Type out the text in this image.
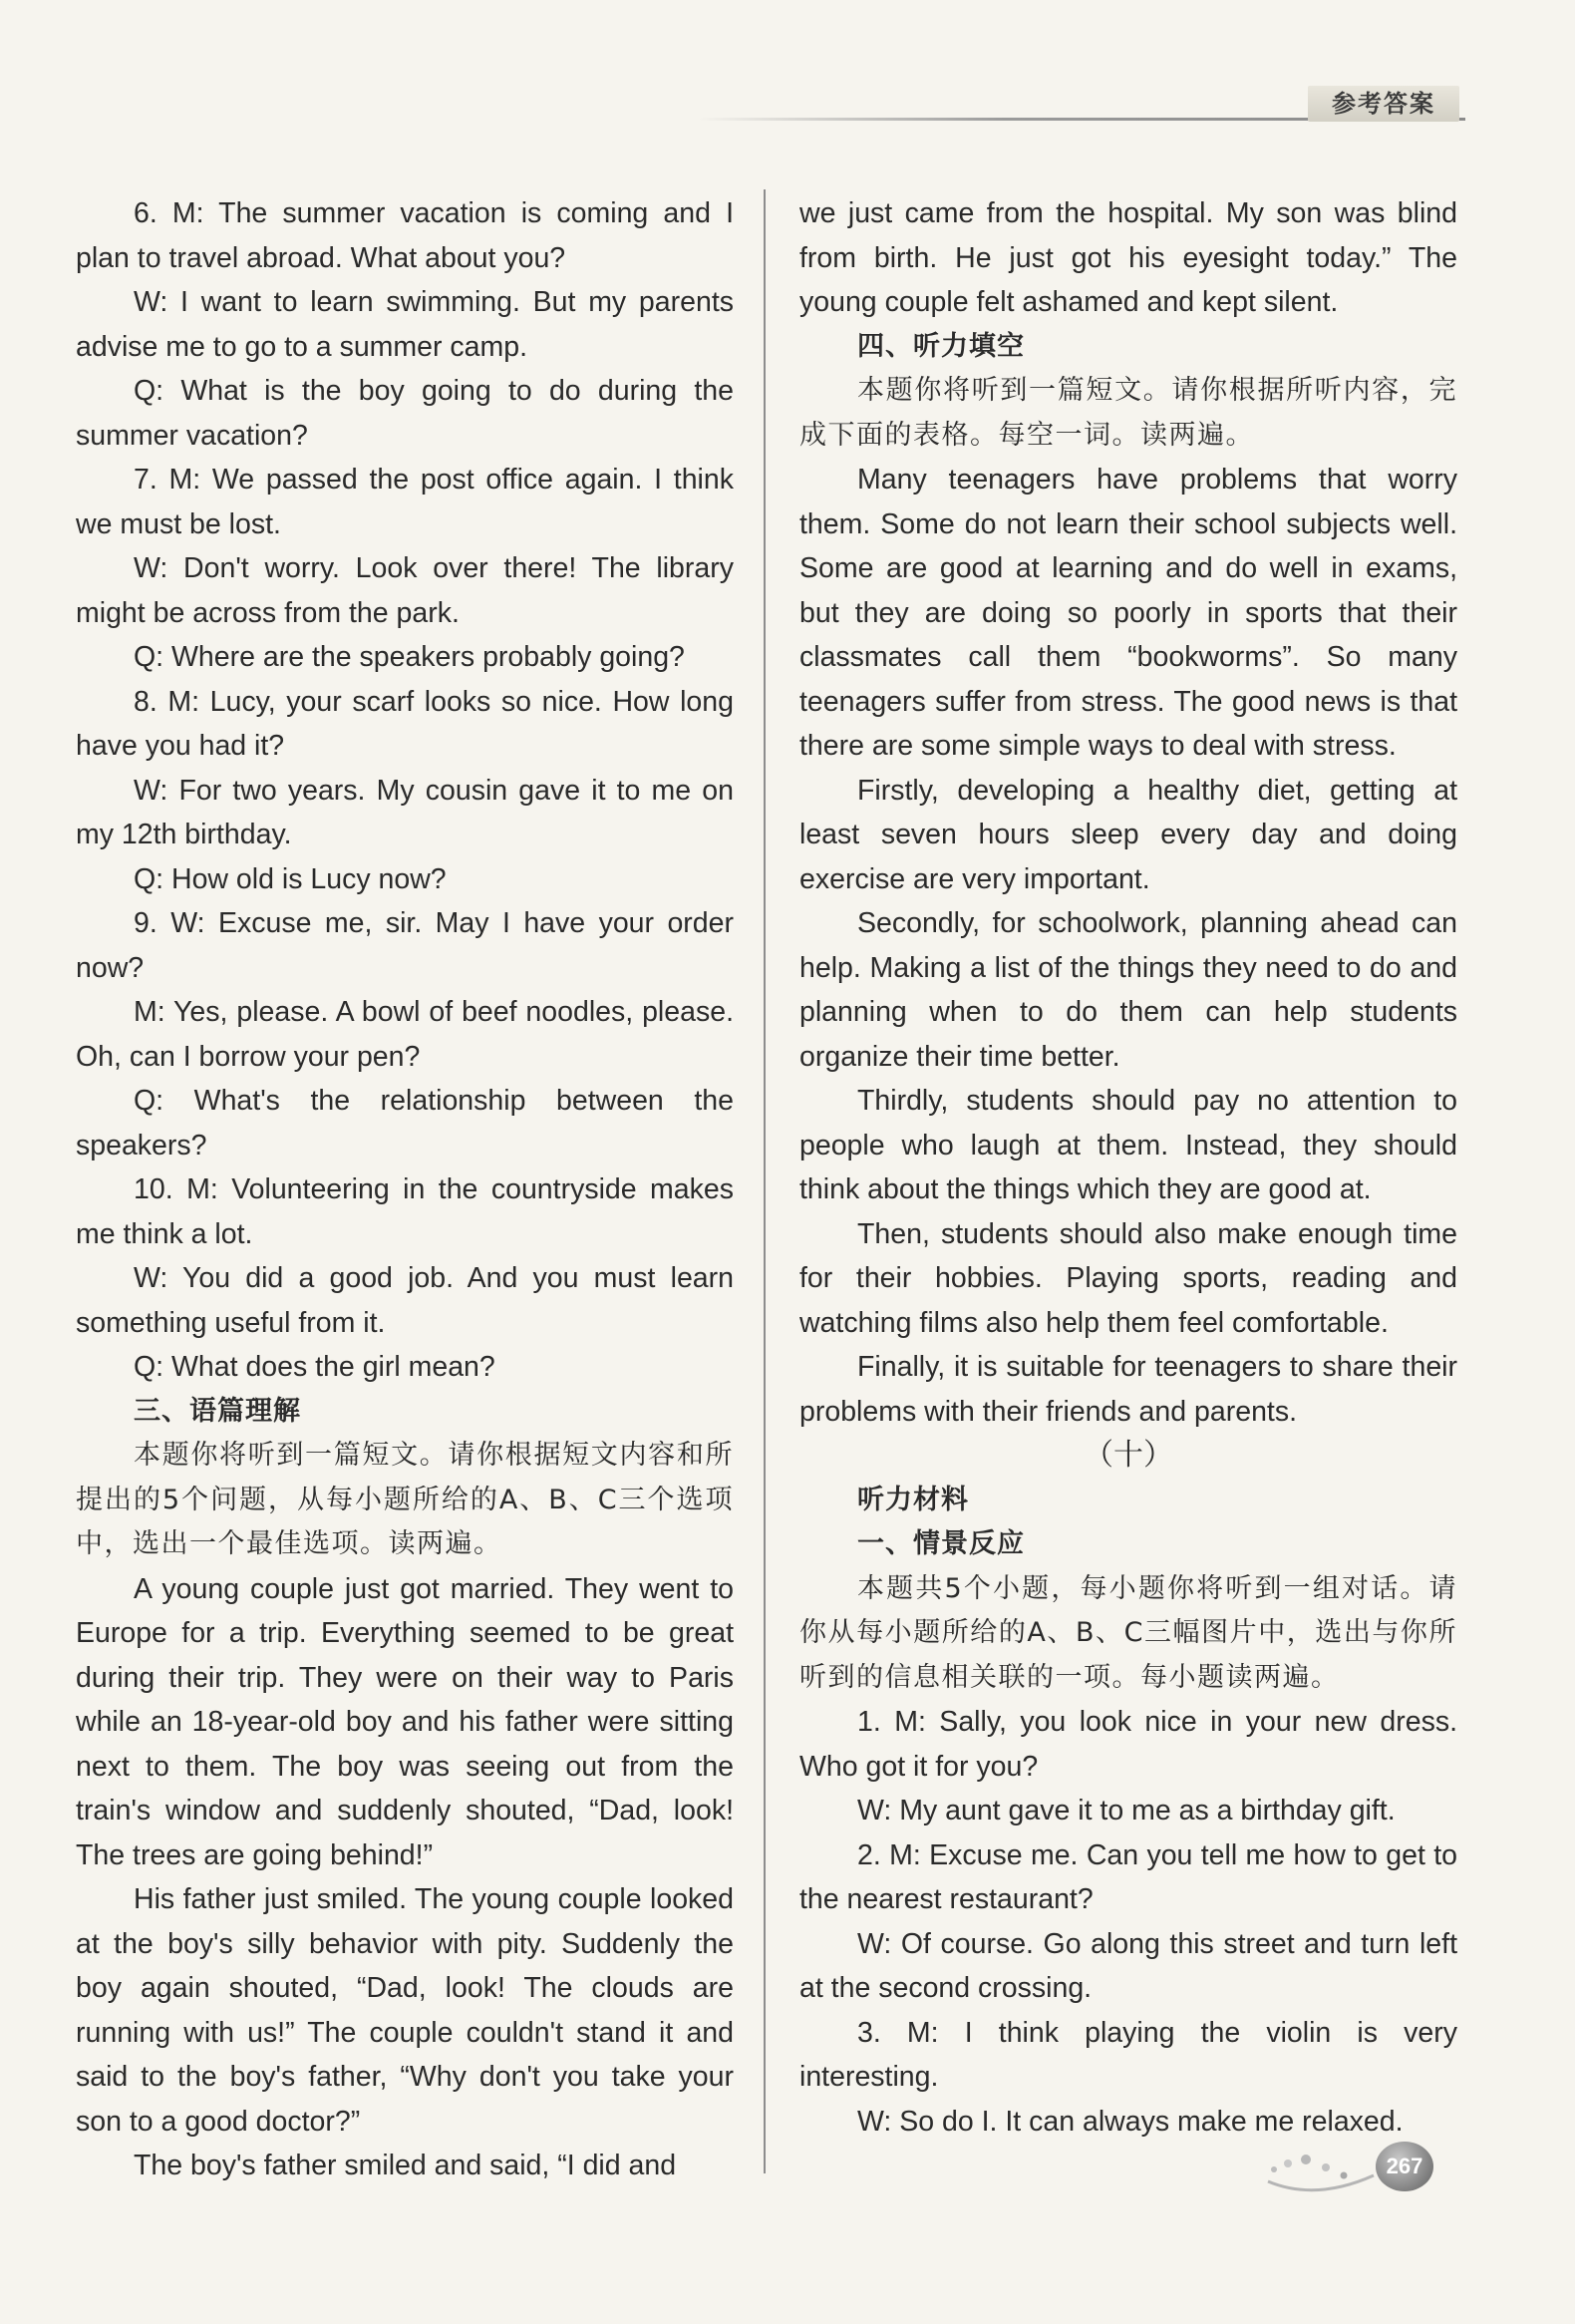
参考答案

6. M: The summer vacation is coming and I plan to travel abroad. What about you?

W: I want to learn swimming. But my parents advise me to go to a summer camp.

Q: What is the boy going to do during the summer vacation?

7. M: We passed the post office again. I think we must be lost.

W: Don't worry. Look over there! The library might be across from the park.

Q: Where are the speakers probably going?

8. M: Lucy, your scarf looks so nice. How long have you had it?

W: For two years. My cousin gave it to me on my 12th birthday.

Q: How old is Lucy now?

9. W: Excuse me, sir. May I have your order now?

M: Yes, please. A bowl of beef noodles, please. Oh, can I borrow your pen?

Q: What's the relationship between the speakers?

10. M: Volunteering in the countryside makes me think a lot.

W: You did a good job. And you must learn something useful from it.

Q: What does the girl mean?

三、语篇理解

本题你将听到一篇短文。请你根据短文内容和所提出的5个问题，从每小题所给的A、B、C三个选项中，选出一个最佳选项。读两遍。

A young couple just got married. They went to Europe for a trip. Everything seemed to be great during their trip. They were on their way to Paris while an 18-year-old boy and his father were sitting next to them. The boy was seeing out from the train's window and suddenly shouted, “Dad, look! The trees are going behind!”

His father just smiled. The young couple looked at the boy's silly behavior with pity. Suddenly the boy again shouted, “Dad, look! The clouds are running with us!” The couple couldn't stand it and said to the boy's father, “Why don't you take your son to a good doctor?”

The boy's father smiled and said, “I did and

we just came from the hospital. My son was blind from birth. He just got his eyesight today.” The young couple felt ashamed and kept silent.

四、听力填空

本题你将听到一篇短文。请你根据所听内容，完成下面的表格。每空一词。读两遍。

Many teenagers have problems that worry them. Some do not learn their school subjects well. Some are good at learning and do well in exams, but they are doing so poorly in sports that their classmates call them “bookworms”. So many teenagers suffer from stress. The good news is that there are some simple ways to deal with stress.

Firstly, developing a healthy diet, getting at least seven hours sleep every day and doing exercise are very important.

Secondly, for schoolwork, planning ahead can help. Making a list of the things they need to do and planning when to do them can help students organize their time better.

Thirdly, students should pay no attention to people who laugh at them. Instead, they should think about the things which they are good at.

Then, students should also make enough time for their hobbies. Playing sports, reading and watching films also help them feel comfortable.

Finally, it is suitable for teenagers to share their problems with their friends and parents.

（十）

听力材料

一、情景反应

本题共5个小题，每小题你将听到一组对话。请你从每小题所给的A、B、C三幅图片中，选出与你所听到的信息相关联的一项。每小题读两遍。

1. M: Sally, you look nice in your new dress. Who got it for you?

W: My aunt gave it to me as a birthday gift.

2. M: Excuse me. Can you tell me how to get to the nearest restaurant?

W: Of course. Go along this street and turn left at the second crossing.

3. M: I think playing the violin is very interesting.

W: So do I. It can always make me relaxed.

267
